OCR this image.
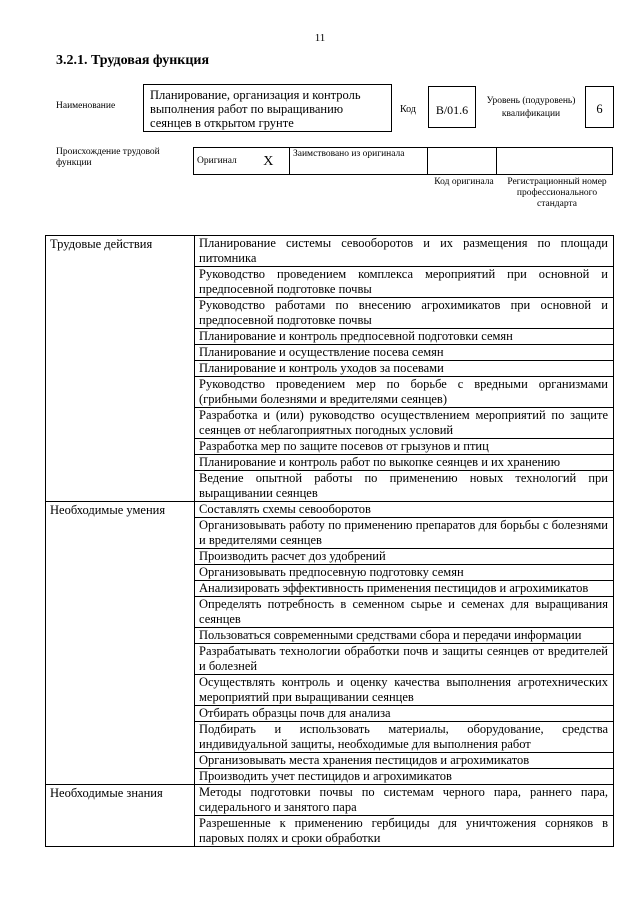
11
3.2.1. Трудовая функция
Наименование
Планирование, организация и контроль выполнения работ по выращиванию сеянцев в открытом грунте
Код	B/01.6
Уровень (подуровень) квалификации	6
Происхождение трудовой функции	Оригинал	X	Заимствовано из оригинала		
Код оригинала	Регистрационный номер профессионального стандарта
Трудовые действия	Планирование системы севооборотов и их размещения по площади питомника
	Руководство проведением комплекса мероприятий при основной и предпосевной подготовке почвы
	Руководство работами по внесению агрохимикатов при основной и предпосевной подготовке почвы
	Планирование и контроль предпосевной подготовки семян
	Планирование и осуществление посева семян
	Планирование и контроль уходов за посевами
	Руководство проведением мер по борьбе с вредными организмами (грибными болезнями и вредителями сеянцев)
	Разработка и (или) руководство осуществлением мероприятий по защите сеянцев от неблагоприятных погодных условий
	Разработка мер по защите посевов от грызунов и птиц
	Планирование и контроль работ по выкопке сеянцев и их хранению
	Ведение опытной работы по применению новых технологий при выращивании сеянцев
Необходимые умения	Составлять схемы севооборотов
	Организовывать работу по применению препаратов для борьбы с болезнями и вредителями сеянцев
	Производить расчет доз удобрений
	Организовывать предпосевную подготовку семян
	Анализировать эффективность применения пестицидов и агрохимикатов
	Определять потребность в семенном сырье и семенах для выращивания сеянцев
	Пользоваться современными средствами сбора и передачи информации
	Разрабатывать технологии обработки почв и защиты сеянцев от вредителей и болезней
	Осуществлять контроль и оценку качества выполнения агротехнических мероприятий при выращивании сеянцев
	Отбирать образцы почв для анализа
	Подбирать и использовать материалы, оборудование, средства индивидуальной защиты, необходимые для выполнения работ
	Организовывать места хранения пестицидов и агрохимикатов
	Производить учет пестицидов и агрохимикатов
Необходимые знания	Методы подготовки почвы по системам черного пара, раннего пара, сидерального и занятого пара
	Разрешенные к применению гербициды для уничтожения сорняков в паровых полях и сроки обработки
